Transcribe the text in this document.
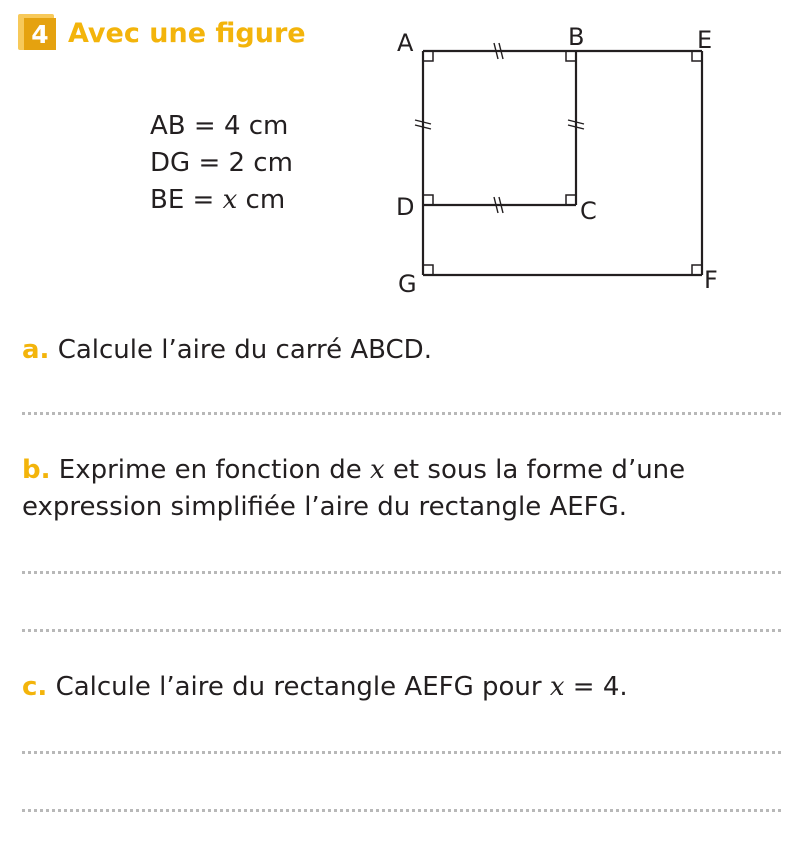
4 Avec une figure
AB = 4 cm
DG = 2 cm
BE = x cm
A	B	E
D	C
G	F
a. Calcule l’aire du carré ABCD.
b. Exprime en fonction de x et sous la forme d’une expression simplifiée l’aire du rectangle AEFG.
c. Calcule l’aire du rectangle AEFG pour x = 4.
